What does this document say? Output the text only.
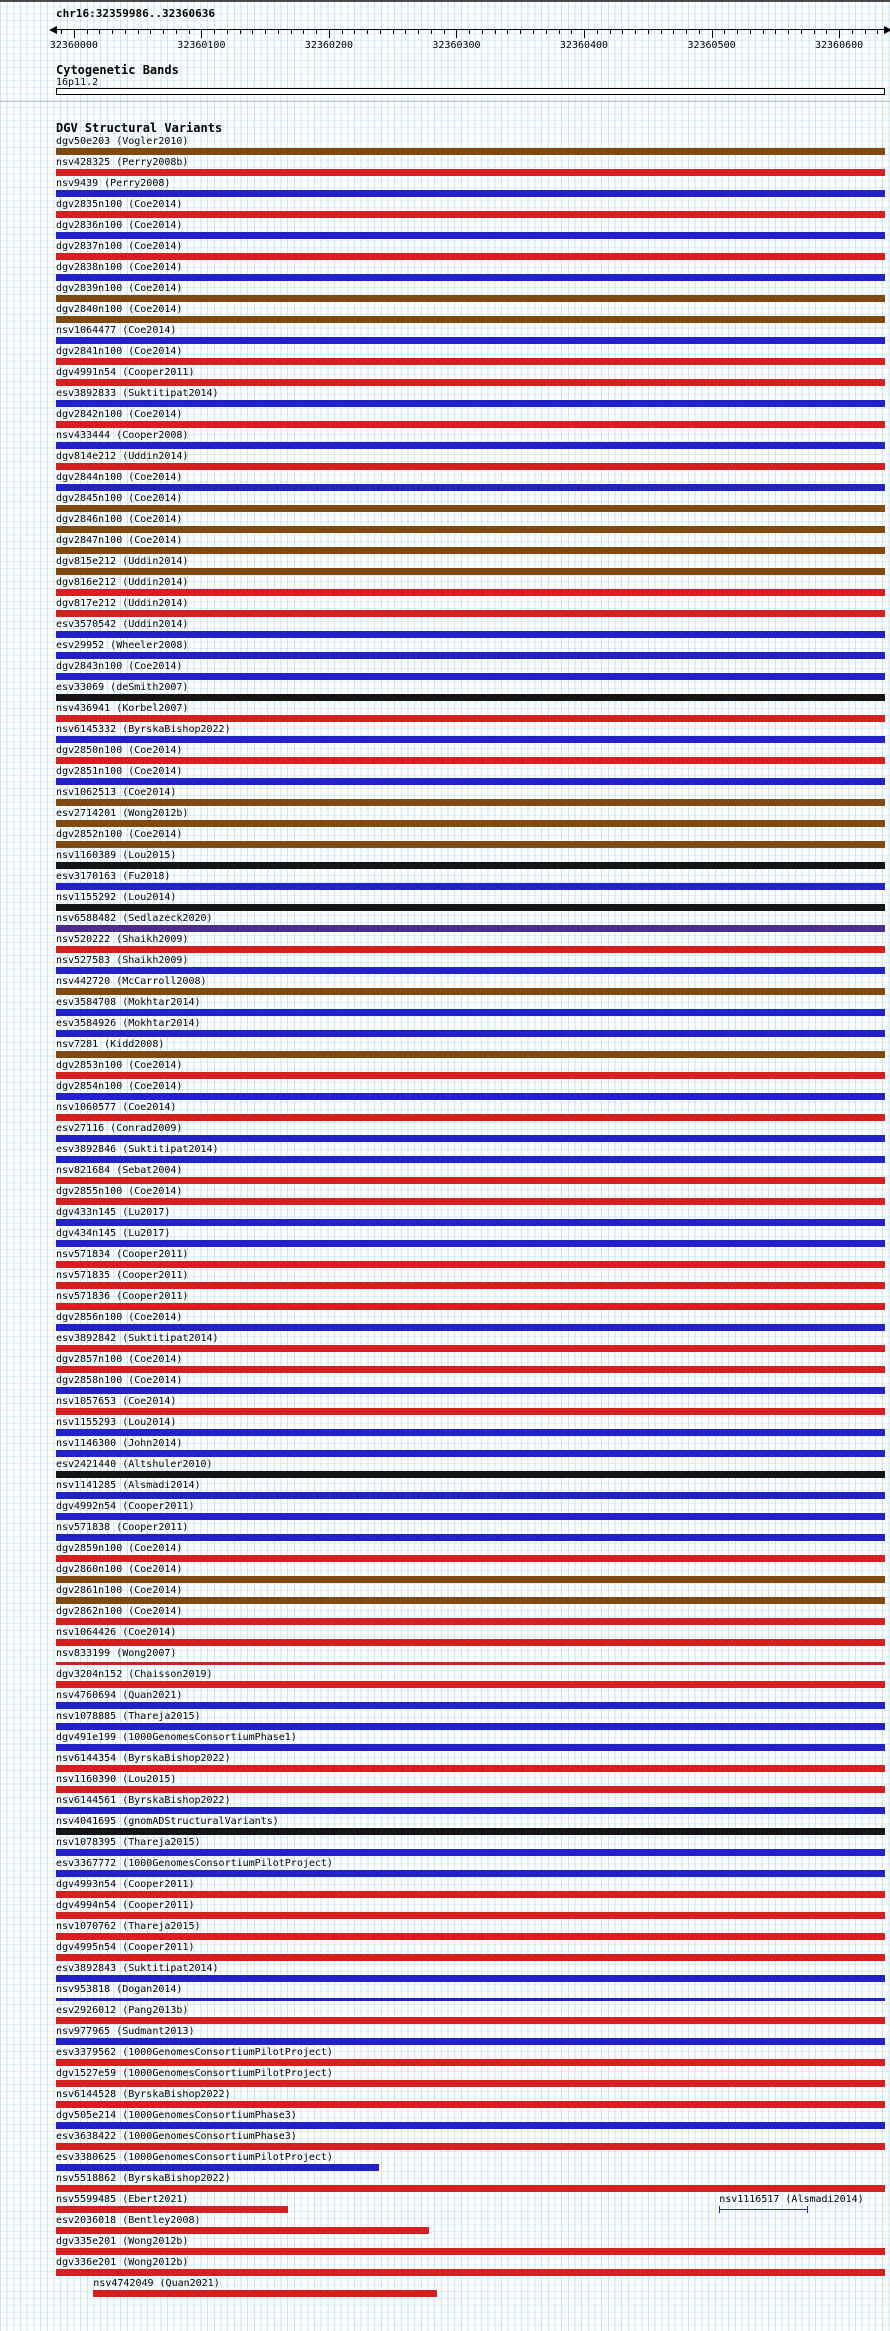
chr16:32359986..32360636
32360000	32360100	32360200	32360300	32360400	32360500	32360600
Cytogenetic Bands
16p11.2
DGV Structural Variants
dgv50e203 (Vogler2010)
nsv428325 (Perry2008b)
nsv9439 (Perry2008)
dgv2835n100 (Coe2014)
dgv2836n100 (Coe2014)
dgv2837n100 (Coe2014)
dgv2838n100 (Coe2014)
dgv2839n100 (Coe2014)
dgv2840n100 (Coe2014)
nsv1064477 (Coe2014)
dgv2841n100 (Coe2014)
dgv4991n54 (Cooper2011)
esv3892833 (Suktitipat2014)
dgv2842n100 (Coe2014)
nsv433444 (Cooper2008)
dgv814e212 (Uddin2014)
dgv2844n100 (Coe2014)
dgv2845n100 (Coe2014)
dgv2846n100 (Coe2014)
dgv2847n100 (Coe2014)
dgv815e212 (Uddin2014)
dgv816e212 (Uddin2014)
dgv817e212 (Uddin2014)
esv3570542 (Uddin2014)
esv29952 (Wheeler2008)
dgv2843n100 (Coe2014)
esv33069 (deSmith2007)
nsv436941 (Korbel2007)
nsv6145332 (ByrskaBishop2022)
dgv2850n100 (Coe2014)
dgv2851n100 (Coe2014)
nsv1062513 (Coe2014)
esv2714201 (Wong2012b)
dgv2852n100 (Coe2014)
nsv1160389 (Lou2015)
esv3170163 (Fu2018)
nsv1155292 (Lou2014)
nsv6588482 (Sedlazeck2020)
nsv520222 (Shaikh2009)
nsv527583 (Shaikh2009)
nsv442720 (McCarroll2008)
esv3584708 (Mokhtar2014)
esv3584926 (Mokhtar2014)
nsv7281 (Kidd2008)
dgv2853n100 (Coe2014)
dgv2854n100 (Coe2014)
nsv1060577 (Coe2014)
esv27116 (Conrad2009)
esv3892846 (Suktitipat2014)
nsv821684 (Sebat2004)
dgv2855n100 (Coe2014)
dgv433n145 (Lu2017)
dgv434n145 (Lu2017)
nsv571834 (Cooper2011)
nsv571835 (Cooper2011)
nsv571836 (Cooper2011)
dgv2856n100 (Coe2014)
esv3892842 (Suktitipat2014)
dgv2857n100 (Coe2014)
dgv2858n100 (Coe2014)
nsv1057653 (Coe2014)
nsv1155293 (Lou2014)
nsv1146300 (John2014)
esv2421440 (Altshuler2010)
nsv1141285 (Alsmadi2014)
dgv4992n54 (Cooper2011)
nsv571838 (Cooper2011)
dgv2859n100 (Coe2014)
dgv2860n100 (Coe2014)
dgv2861n100 (Coe2014)
dgv2862n100 (Coe2014)
nsv1064426 (Coe2014)
nsv833199 (Wong2007)
dgv3204n152 (Chaisson2019)
nsv4760694 (Quan2021)
nsv1078885 (Thareja2015)
dgv491e199 (1000GenomesConsortiumPhase1)
nsv6144354 (ByrskaBishop2022)
nsv1160390 (Lou2015)
nsv6144561 (ByrskaBishop2022)
nsv4041695 (gnomADStructuralVariants)
nsv1078395 (Thareja2015)
esv3367772 (1000GenomesConsortiumPilotProject)
dgv4993n54 (Cooper2011)
dgv4994n54 (Cooper2011)
nsv1070762 (Thareja2015)
dgv4995n54 (Cooper2011)
esv3892843 (Suktitipat2014)
nsv953818 (Dogan2014)
esv2926012 (Pang2013b)
nsv977965 (Sudmant2013)
esv3379562 (1000GenomesConsortiumPilotProject)
dgv1527e59 (1000GenomesConsortiumPilotProject)
nsv6144528 (ByrskaBishop2022)
dgv505e214 (1000GenomesConsortiumPhase3)
esv3638422 (1000GenomesConsortiumPhase3)
esv3380625 (1000GenomesConsortiumPilotProject)
nsv5518862 (ByrskaBishop2022)
nsv5599485 (Ebert2021)	nsv1116517 (Alsmadi2014)
esv2036018 (Bentley2008)
dgv335e201 (Wong2012b)
dgv336e201 (Wong2012b)
nsv4742049 (Quan2021)
